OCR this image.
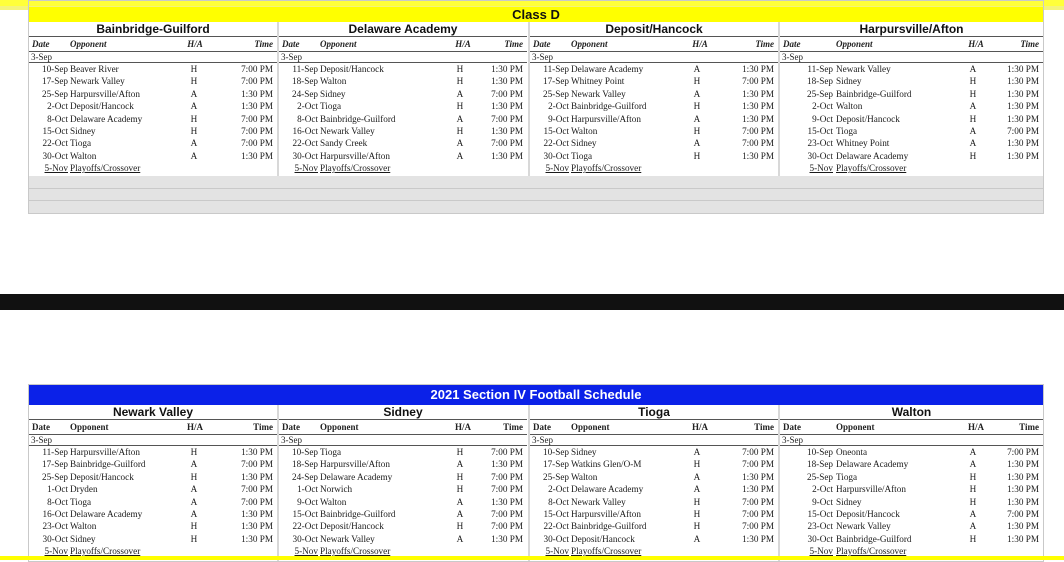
Class D
Bainbridge-Guilford
Date Opponent	H/A	Time
3-Sep
10-Sep Beaver River	H	7:00 PM
17-Sep Newark Valley	H	7:00 PM
25-Sep Harpursville/Afton	A	1:30 PM
2-Oct Deposit/Hancock	A	1:30 PM
8-Oct Delaware Academy	H	7:00 PM
15-Oct Sidney	H	7:00 PM
22-Oct Tioga	A	7:00 PM
30-Oct Walton	A	1:30 PM
5-Nov Playoffs/Crossover
Delaware Academy
Date Opponent	H/A	Time
3-Sep
11-Sep Deposit/Hancock	H	1:30 PM
18-Sep Walton	H	1:30 PM
24-Sep Sidney	A	7:00 PM
2-Oct Tioga	H	1:30 PM
8-Oct Bainbridge-Guilford	A	7:00 PM
16-Oct Newark Valley	H	1:30 PM
22-Oct Sandy Creek	A	7:00 PM
30-Oct Harpursville/Afton	A	1:30 PM
5-Nov Playoffs/Crossover
Deposit/Hancock
Date Opponent	H/A	Time
3-Sep
11-Sep Delaware Academy	A	1:30 PM
17-Sep Whitney Point	H	7:00 PM
25-Sep Newark Valley	A	1:30 PM
2-Oct Bainbridge-Guilford	H	1:30 PM
9-Oct Harpursville/Afton	A	1:30 PM
15-Oct Walton	H	7:00 PM
22-Oct Sidney	A	7:00 PM
30-Oct Tioga	H	1:30 PM
5-Nov Playoffs/Crossover
Harpursville/Afton
Date	Opponent	H/A	Time
3-Sep
11-Sep Newark Valley	A	1:30 PM
18-Sep Sidney	H	1:30 PM
25-Sep Bainbridge-Guilford	H	1:30 PM
2-Oct Walton	A	1:30 PM
9-Oct Deposit/Hancock	H	1:30 PM
15-Oct Tioga	A	7:00 PM
23-Oct Whitney Point	A	1:30 PM
30-Oct Delaware Academy	H	1:30 PM
5-Nov Playoffs/Crossover
2021 Section IV Football Schedule
Newark Valley
Date Opponent	H/A	Time
3-Sep
11-Sep Harpursville/Afton	H	1:30 PM
17-Sep Bainbridge-Guilford	A	7:00 PM
25-Sep Deposit/Hancock	H	1:30 PM
1-Oct Dryden	A	7:00 PM
8-Oct Tioga	A	7:00 PM
16-Oct Delaware Academy	A	1:30 PM
23-Oct Walton	H	1:30 PM
30-Oct Sidney	H	1:30 PM
5-Nov Playoffs/Crossover
Sidney
Date Opponent	H/A	Time
3-Sep
10-Sep Tioga	H	7:00 PM
18-Sep Harpursville/Afton	A	1:30 PM
24-Sep Delaware Academy	H	7:00 PM
1-Oct Norwich	H	7:00 PM
9-Oct Walton	A	1:30 PM
15-Oct Bainbridge-Guilford	A	7:00 PM
22-Oct Deposit/Hancock	H	7:00 PM
30-Oct Newark Valley	A	1:30 PM
5-Nov Playoffs/Crossover
Tioga
Date Opponent	H/A	Time
3-Sep
10-Sep Sidney	A	7:00 PM
17-Sep Watkins Glen/O-M	H	7:00 PM
25-Sep Walton	A	1:30 PM
2-Oct Delaware Academy	A	1:30 PM
8-Oct Newark Valley	H	7:00 PM
15-Oct Harpursville/Afton	H	7:00 PM
22-Oct Bainbridge-Guilford	H	7:00 PM
30-Oct Deposit/Hancock	A	1:30 PM
5-Nov Playoffs/Crossover
Walton
Date	Opponent	H/A	Time
3-Sep
10-Sep Oneonta	A	7:00 PM
18-Sep Delaware Academy	A	1:30 PM
25-Sep Tioga	H	1:30 PM
2-Oct Harpursville/Afton	H	1:30 PM
9-Oct Sidney	H	1:30 PM
15-Oct Deposit/Hancock	A	7:00 PM
23-Oct Newark Valley	A	1:30 PM
30-Oct Bainbridge-Guilford	H	1:30 PM
5-Nov Playoffs/Crossover
